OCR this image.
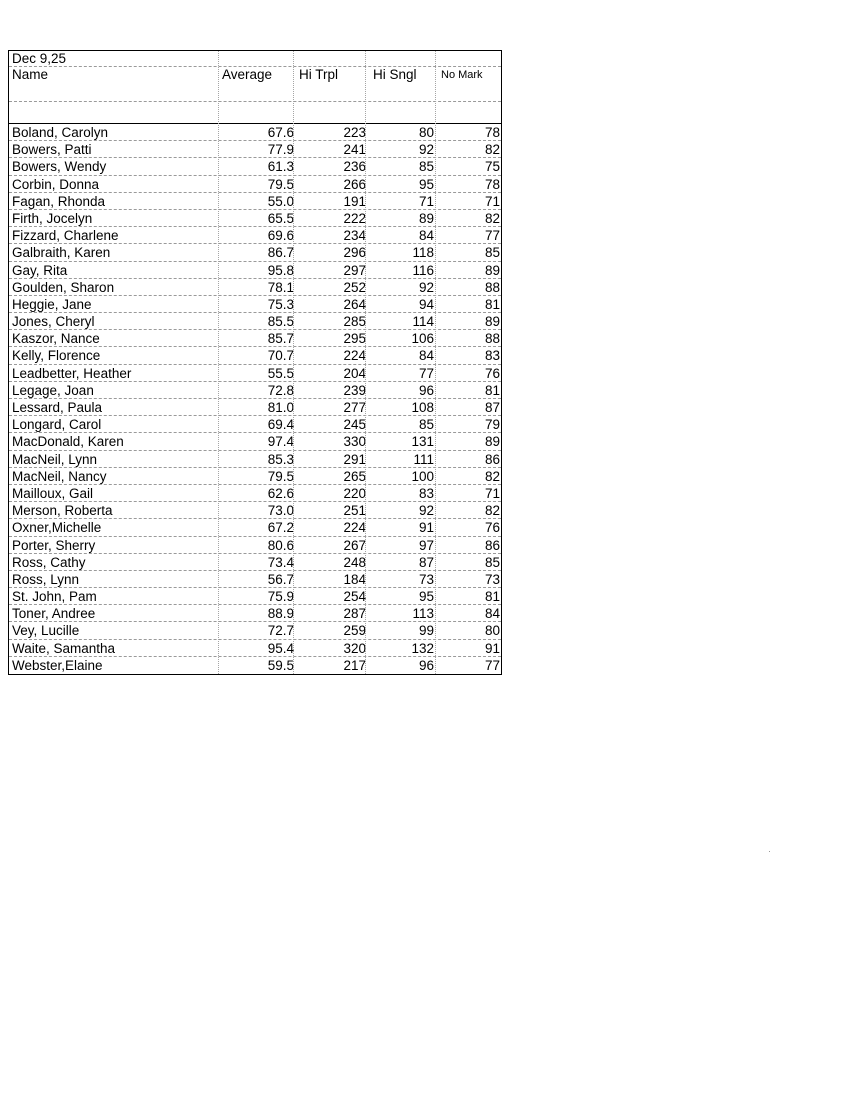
Dec 9,25
Name	Average	Hi Trpl	Hi Sngl	No Mark
Boland, Carolyn	67.6	223	80	78
Bowers, Patti	77.9	241	92	82
Bowers, Wendy	61.3	236	85	75
Corbin, Donna	79.5	266	95	78
Fagan, Rhonda	55.0	191	71	71
Firth, Jocelyn	65.5	222	89	82
Fizzard, Charlene	69.6	234	84	77
Galbraith, Karen	86.7	296	118	85
Gay, Rita	95.8	297	116	89
Goulden, Sharon	78.1	252	92	88
Heggie, Jane	75.3	264	94	81
Jones, Cheryl	85.5	285	114	89
Kaszor, Nance	85.7	295	106	88
Kelly, Florence	70.7	224	84	83
Leadbetter, Heather	55.5	204	77	76
Legage, Joan	72.8	239	96	81
Lessard, Paula	81.0	277	108	87
Longard, Carol	69.4	245	85	79
MacDonald, Karen	97.4	330	131	89
MacNeil, Lynn	85.3	291	111	86
MacNeil, Nancy	79.5	265	100	82
Mailloux, Gail	62.6	220	83	71
Merson, Roberta	73.0	251	92	82
Oxner,Michelle	67.2	224	91	76
Porter, Sherry	80.6	267	97	86
Ross, Cathy	73.4	248	87	85
Ross, Lynn	56.7	184	73	73
St. John, Pam	75.9	254	95	81
Toner, Andree	88.9	287	113	84
Vey, Lucille	72.7	259	99	80
Waite, Samantha	95.4	320	132	91
Webster,Elaine	59.5	217	96	77
